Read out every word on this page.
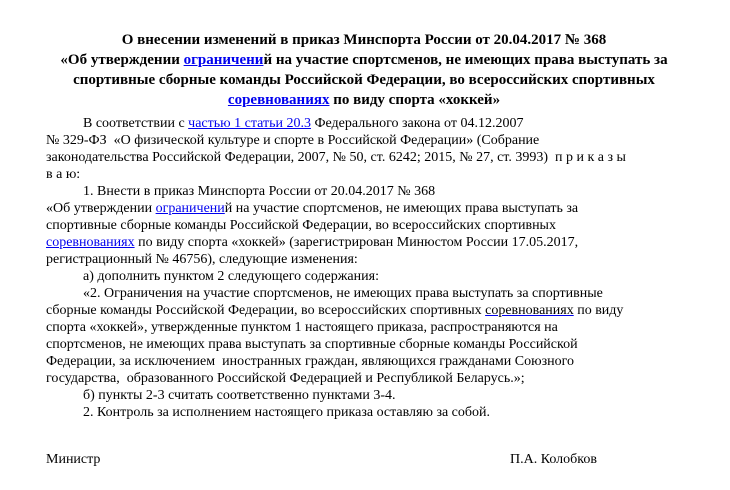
О внесении изменений в приказ Минспорта России от 20.04.2017 № 368
«Об утверждении ограничений на участие спортсменов, не имеющих права выступать за
спортивные сборные команды Российской Федерации, во всероссийских спортивных
соревнованиях по виду спорта «хоккей»

В соответствии с частью 1 статьи 20.3 Федерального закона от 04.12.2007
№ 329-ФЗ  «О физической культуре и спорте в Российской Федерации» (Собрание
законодательства Российской Федерации, 2007, № 50, ст. 6242; 2015, № 27, ст. 3993)  п р и к а з ы
в а ю:

1. Внести в приказ Минспорта России от 20.04.2017 № 368
«Об утверждении ограничений на участие спортсменов, не имеющих права выступать за
спортивные сборные команды Российской Федерации, во всероссийских спортивных
соревнованиях по виду спорта «хоккей» (зарегистрирован Минюстом России 17.05.2017,
регистрационный № 46756), следующие изменения:

а) дополнить пунктом 2 следующего содержания:

«2. Ограничения на участие спортсменов, не имеющих права выступать за спортивные
сборные команды Российской Федерации, во всероссийских спортивных соревнованиях по виду
спорта «хоккей», утвержденные пунктом 1 настоящего приказа, распространяются на
спортсменов, не имеющих права выступать за спортивные сборные команды Российской
Федерации, за исключением  иностранных граждан, являющихся гражданами Союзного
государства,  образованного Российской Федерацией и Республикой Беларусь.»;

б) пункты 2-3 считать соответственно пунктами 3-4.

2. Контроль за исполнением настоящего приказа оставляю за собой.

Министр	П.А. Колобков
